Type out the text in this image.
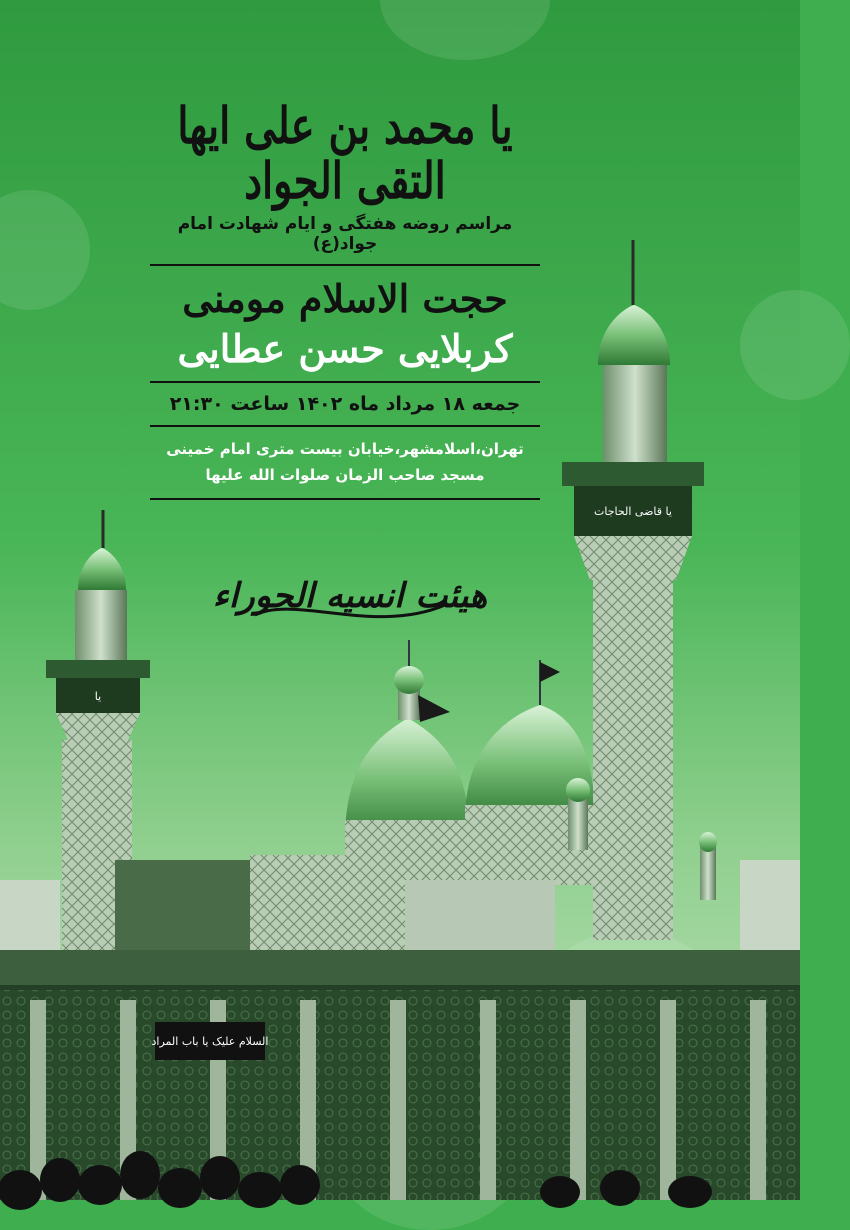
یا
یا قاضی الحاجات
السلام علیک یا باب المراد
یا محمد بن علی ایها التقی الجواد
مراسم روضه هفتگی و ایام شهادت امام جواد(ع)
حجت الاسلام مومنی
کربلایی حسن عطایی
جمعه ۱۸ مرداد ماه ۱۴۰۲ ساعت ۲۱:۳۰
تهران،اسلامشهر،خیابان بیست متری امام خمینی
مسجد صاحب الزمان صلوات الله علیها
هیئت انسیه الحوراء
